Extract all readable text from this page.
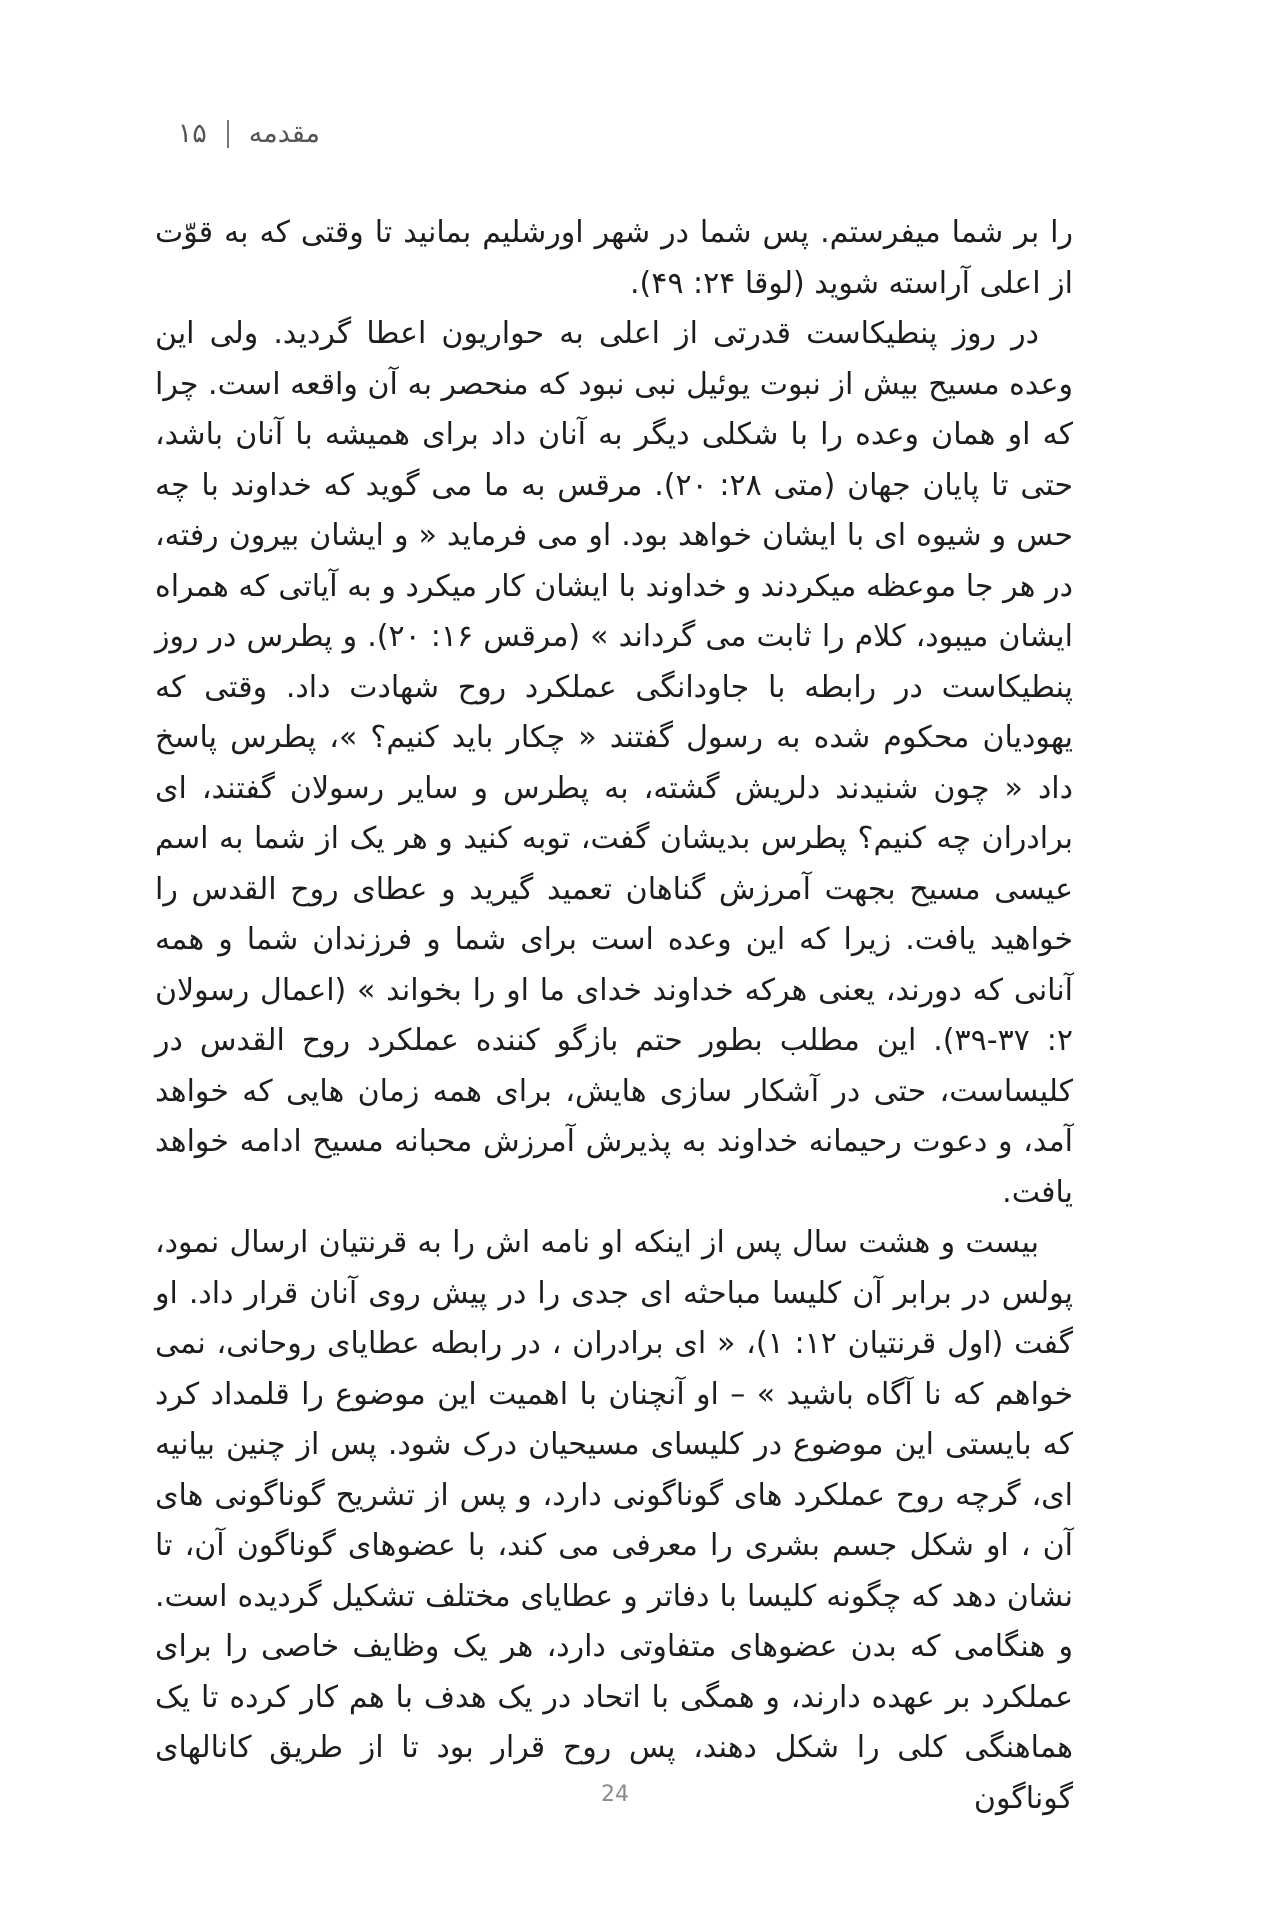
مقدمه
۱۵

را بر شما میفرستم. پس شما در شهر اورشلیم بمانید تا وقتی که به قوّت از اعلی آراسته شوید (لوقا ۲۴: ۴۹).

در روز پنطیکاست قدرتی از اعلی به حواریون اعطا گردید. ولی این وعده مسیح بیش از نبوت یوئیل نبی نبود که منحصر به آن واقعه است. چرا که او همان وعده را با شکلی دیگر به آنان داد برای همیشه با آنان باشد، حتی تا پایان جهان (متی ۲۸: ۲۰). مرقس به ما می گوید که خداوند با چه حس و شیوه ای با ایشان خواهد بود. او می فرماید « و ایشان بیرون رفته، در هر جا موعظه میکردند و خداوند با ایشان کار میکرد و به آیاتی که همراه ایشان میبود، کلام را ثابت می گرداند » (مرقس ۱۶: ۲۰). و پطرس در روز پنطیکاست در رابطه با جاودانگی عملکرد روح شهادت داد. وقتی که یهودیان محکوم شده به رسول گفتند « چکار باید کنیم؟ »، پطرس پاسخ داد « چون شنیدند دلریش گشته، به پطرس و سایر رسولان گفتند، ای برادران چه کنیم؟ پطرس بدیشان گفت، توبه کنید و هر یک از شما به اسم عیسی مسیح بجهت آمرزش گناهان تعمید گیرید و عطای روح القدس را خواهید یافت. زیرا که این وعده است برای شما و فرزندان شما و همه آنانی که دورند، یعنی هرکه خداوند خدای ما او را بخواند » (اعمال رسولان ۲: ۳۷-۳۹). این مطلب بطور حتم بازگو کننده عملکرد روح القدس در کلیساست، حتی در آشکار سازی هایش، برای همه زمان هایی که خواهد آمد، و دعوت رحیمانه خداوند به پذیرش آمرزش محبانه مسیح ادامه خواهد یافت.

بیست و هشت سال پس از اینکه او نامه اش را به قرنتیان ارسال نمود، پولس در برابر آن کلیسا مباحثه ای جدی را در پیش روی آنان قرار داد. او گفت (اول قرنتیان ۱۲: ۱)، « ای برادران ، در رابطه عطایای روحانی، نمی خواهم که نا آگاه باشید » – او آنچنان با اهمیت این موضوع را قلمداد کرد که بایستی این موضوع در کلیسای مسیحیان درک شود. پس از چنین بیانیه ای، گرچه روح عملکرد های گوناگونی دارد، و پس از تشریح گوناگونی های آن ، او شکل جسم بشری را معرفی می کند، با عضوهای گوناگون آن، تا نشان دهد که چگونه کلیسا با دفاتر و عطایای مختلف تشکیل گردیده است. و هنگامی که بدن عضوهای متفاوتی دارد، هر یک وظایف خاصی را برای عملکرد بر عهده دارند، و همگی با اتحاد در یک هدف با هم کار کرده تا یک هماهنگی کلی را شکل دهند، پس روح قرار بود تا از طریق کانالهای گوناگون

24
